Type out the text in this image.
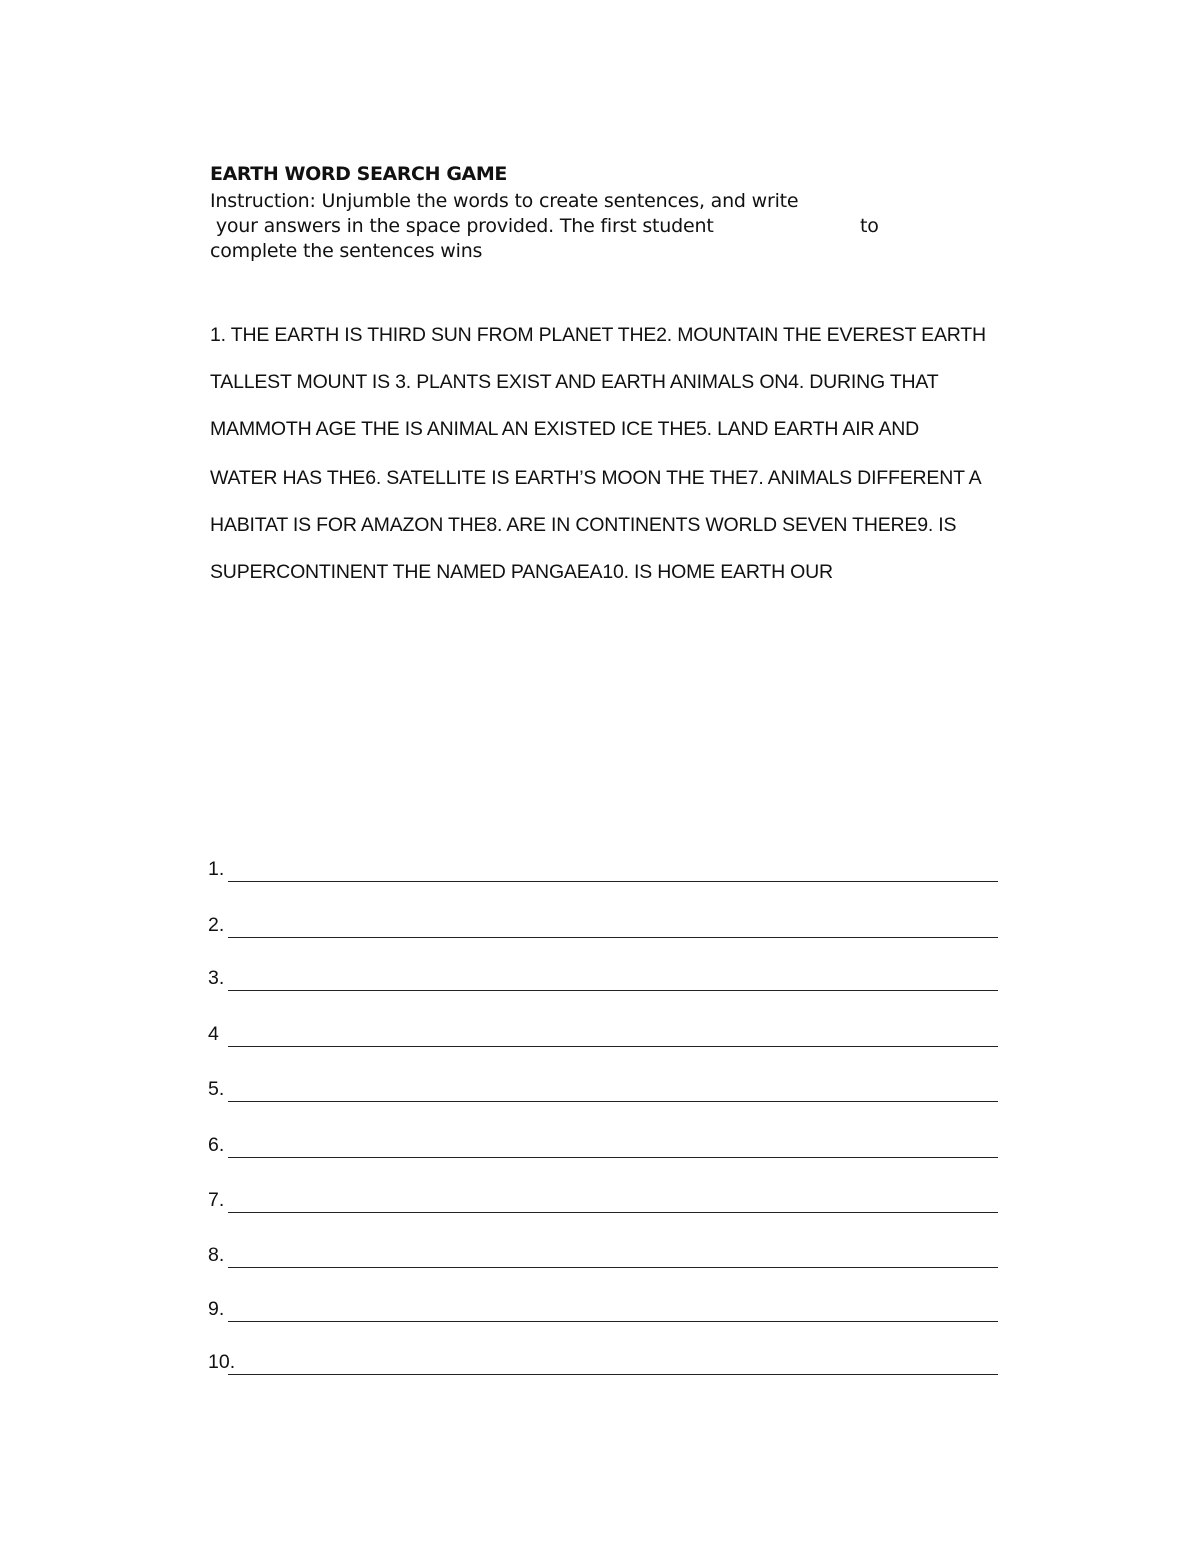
EARTH WORD SEARCH GAME

Instruction: Unjumble the words to create sentences, and write

your answers in the space provided. The first student	to

complete the sentences wins

1. THE EARTH IS THIRD SUN FROM PLANET THE2. MOUNTAIN THE EVEREST EARTH

TALLEST MOUNT IS 3. PLANTS EXIST AND EARTH ANIMALS ON4. DURING THAT

MAMMOTH AGE THE IS ANIMAL AN EXISTED ICE THE5. LAND EARTH AIR AND

WATER HAS THE6. SATELLITE IS EARTH’S MOON THE THE7. ANIMALS DIFFERENT A

HABITAT IS FOR AMAZON THE8. ARE IN CONTINENTS WORLD SEVEN THERE9. IS

SUPERCONTINENT THE NAMED PANGAEA10. IS HOME EARTH OUR

1.
2.
3.
4
5.
6.
7.
8.
9.
10.
